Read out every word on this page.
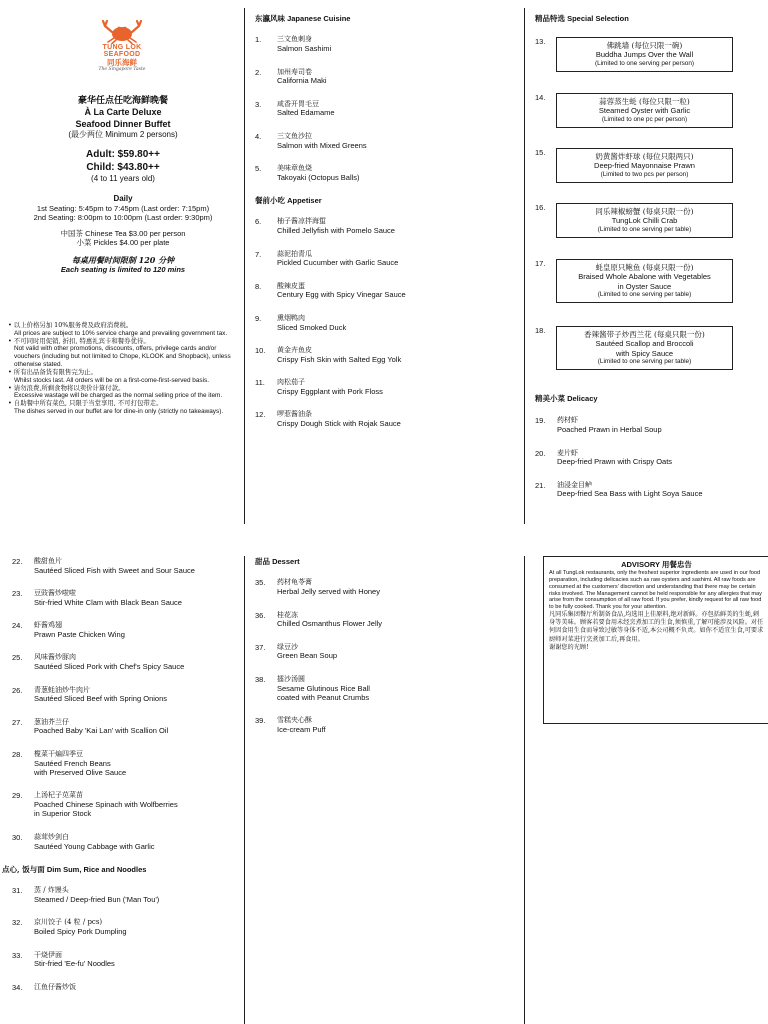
TUNG LOK
SEAFOOD
同乐海鲜
The Singapore Taste
豪华任点任吃海鲜晚餐
À La Carte Deluxe
Seafood Dinner Buffet
(最少两位 Minimum 2 persons)
Adult: $59.80++
Child: $43.80++
(4 to 11 years old)
Daily
1st Seating: 5:45pm to 7:45pm (Last order: 7:15pm)
2nd Seating: 8:00pm to 10:00pm (Last order: 9:30pm)
中国茶 Chinese Tea $3.00 per person
小菜 Pickles $4.00 per plate
每桌用餐时间限制 120 分钟
Each seating is limited to 120 mins
• 以上价格另加 10%服务费及政府消费税。
All prices are subject to 10% service charge and prevailing government tax.
• 不可同时用促销, 折扣, 特惠礼宾卡和餐券优待。
Not valid with other promotions, discounts, offers, privilege cards and/or vouchers (including but not limited to Chope, KLOOK and Shopback), unless otherwise stated.
• 所有出品备货有限售完为止。
Whilst stocks last. All orders will be on a first-come-first-served basis.
• 请勿浪费,所剩食物将以卖价计算付款。
Excessive wastage will be charged as the normal selling price of the item.
• 自助餐中所有菜色, 只限于当堂享用, 不可打包带走。
The dishes served in our buffet are for dine-in only (strictly no takeaways).
东瀛风味 Japanese Cuisine
1. 三文鱼刺身
Salmon Sashimi
2. 加州寿司卷
California Maki
3. 咸香开胃毛豆
Salted Edamame
4. 三文鱼沙拉
Salmon with Mixed Greens
5. 美味章鱼烧
Takoyaki (Octopus Balls)
餐前小吃 Appetiser
6. 柚子酱凉拌海蜇
Chilled Jellyfish with Pomelo Sauce
7. 蒜泥拍青瓜
Pickled Cucumber with Garlic Sauce
8. 酸辣皮蛋
Century Egg with Spicy Vinegar Sauce
9. 熏烟鸭肉
Sliced Smoked Duck
10. 黄金卉鱼皮
Crispy Fish Skin with Salted Egg Yolk
11. 肉松茄子
Crispy Eggplant with Pork Floss
12. 啰惹酱油条
Crispy Dough Stick with Rojak Sauce
精品特选 Special Selection
13.	佛跳墙 (每位只限一碗)
Buddha Jumps Over the Wall
(Limited to one serving per person)
14.	蒜蓉蒸生蚝 (每位只限一粒)
Steamed Oyster with Garlic
(Limited to one pc per person)
15.	奶黄酱炸虾球 (每位只限两只)
Deep-fried Mayonnaise Prawn
(Limited to two pcs per person)
16.	同乐辣椒螃蟹 (每桌只限一份)
TungLok Chilli Crab
(Limited to one serving per table)
17.	蚝皇原只鲍鱼 (每桌只限一份)
Braised Whole Abalone with Vegetables
in Oyster Sauce
(Limited to one serving per table)
18.	香辣酱带子炒西兰花 (每桌只限一份)
Sautéed Scallop and Broccoli
with Spicy Sauce
(Limited to one serving per table)
精美小菜 Delicacy
19. 药材虾
Poached Prawn in Herbal Soup
20. 麦片虾
Deep-fried Prawn with Crispy Oats
21. 油浸金目鲈
Deep-fried Sea Bass with Light Soya Sauce
22. 酸甜鱼片
Sautéed Sliced Fish with Sweet and Sour Sauce
23. 豆豉酱炒啦啦
Stir-fried White Clam with Black Bean Sauce
24. 虾酱鸡翅
Prawn Paste Chicken Wing
25. 风味酱炒豚肉
Sautéed Sliced Pork with Chef's Spicy Sauce
26. 青葱蚝油炒牛肉片
Sautéed Sliced Beef with Spring Onions
27. 葱油芥兰仔
Poached Baby 'Kai Lan' with Scallion Oil
28. 榄菜干煸四季豆
Sautéed French Beans
with Preserved Olive Sauce
29. 上汤杞子苋菜苗
Poached Chinese Spinach with Wolfberries
in Superior Stock
30. 蒜茸炒剑白
Sautéed Young Cabbage with Garlic
点心, 饭与面 Dim Sum, Rice and Noodles
31. 蒸 / 炸馒头
Steamed / Deep-fried Bun ('Man Tou')
32. 京川饺子 (4 粒 / pcs)
Boiled Spicy Pork Dumpling
33. 干烧伊面
Stir-fried 'Ee-fu' Noodles
34. 江鱼仔酱炒饭
甜品 Dessert
35. 药材龟苓膏
Herbal Jelly served with Honey
36. 桂花冻
Chilled Osmanthus Flower Jelly
37. 绿豆沙
Green Bean Soup
38. 擂沙汤圆
Sesame Glutinous Rice Ball
coated with Peanut Crumbs
39. 雪糕夹心酥
Ice-cream Puff
ADVISORY 用餐忠告
At all TungLok restaurants, only the freshest superior ingredients are used in our food preparation, including delicacies such as raw oysters and sashimi. All raw foods are consumed at the customers' discretion and understanding that there may be certain risks involved. The Management cannot be held responsible for any allergies that may arise from the consumption of all raw food. If you prefer, kindly request for all raw food to be fully cooked. Thank you for your attention.
凡同乐集团餐厅所制备食品,均选用上佳原料,绝对新鲜。亦包括鲜美的生蚝,刺身等美味。顾客若要食用未经烹煮加工的生食,须慎重,了解可能涉及风险。对任何因食用生食而导致过敏等身体不适,本公司概不负责。如你不适宜生食,可要求厨师对菜进行烹煮加工后,再食用。
谢谢您的光顾!
